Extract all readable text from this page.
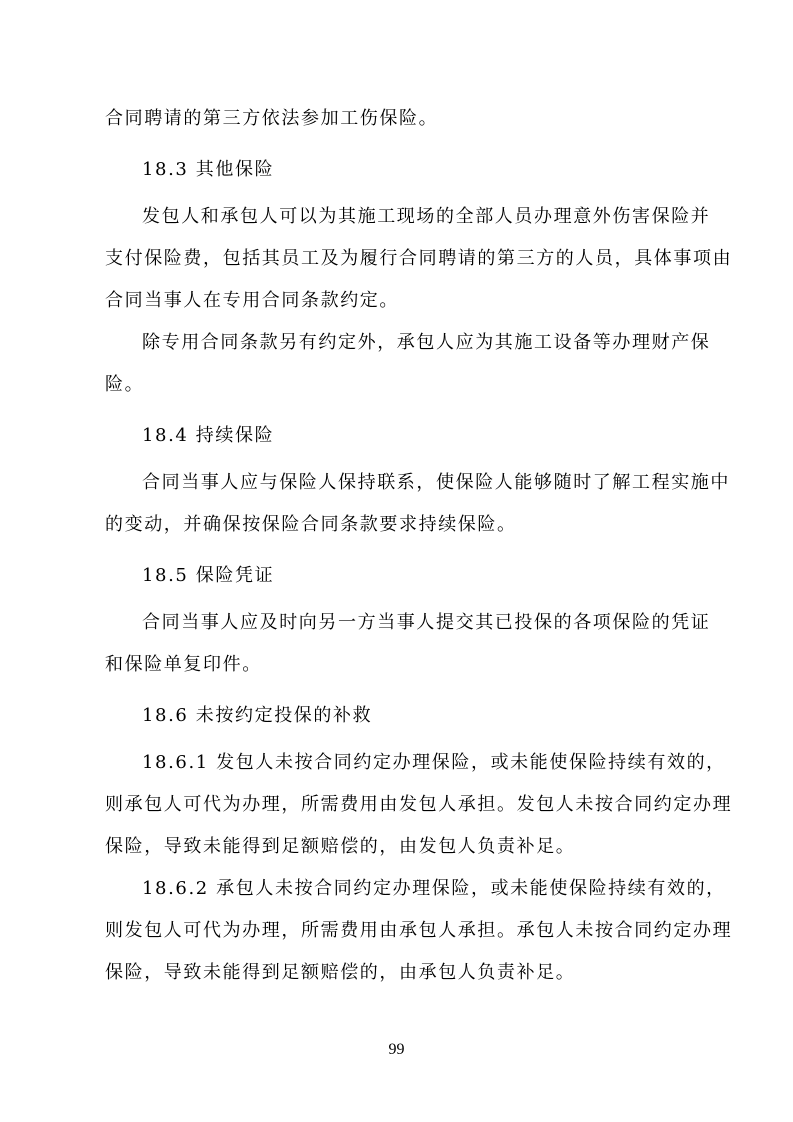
合同聘请的第三方依法参加工伤保险。
18.3 其他保险
发包人和承包人可以为其施工现场的全部人员办理意外伤害保险并
支付保险费，包括其员工及为履行合同聘请的第三方的人员，具体事项由
合同当事人在专用合同条款约定。
除专用合同条款另有约定外，承包人应为其施工设备等办理财产保
险。
18.4 持续保险
合同当事人应与保险人保持联系，使保险人能够随时了解工程实施中
的变动，并确保按保险合同条款要求持续保险。
18.5 保险凭证
合同当事人应及时向另一方当事人提交其已投保的各项保险的凭证
和保险单复印件。
18.6 未按约定投保的补救
18.6.1 发包人未按合同约定办理保险，或未能使保险持续有效的，
则承包人可代为办理，所需费用由发包人承担。发包人未按合同约定办理
保险，导致未能得到足额赔偿的，由发包人负责补足。
18.6.2 承包人未按合同约定办理保险，或未能使保险持续有效的，
则发包人可代为办理，所需费用由承包人承担。承包人未按合同约定办理
保险，导致未能得到足额赔偿的，由承包人负责补足。
99
